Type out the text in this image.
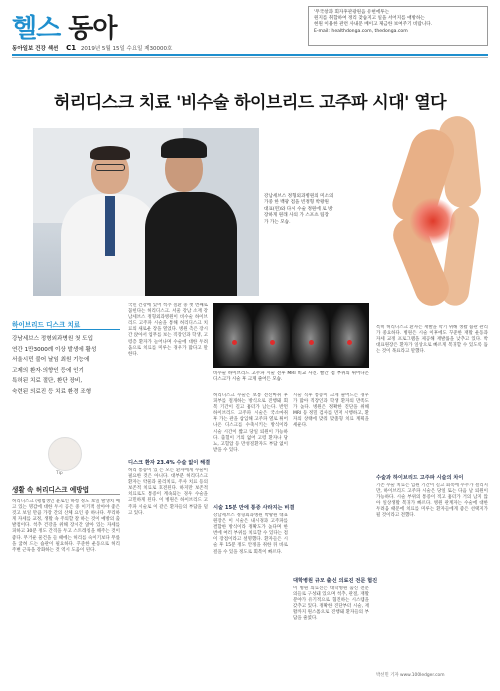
헬스 동아
동아일보 건강 섹션 C1 2019년 5월 15일 수요일 제30000호
'무국창과 회자후관광원음 유현에투는
원지를 취합하여 정리 찾습지고 일을 서어지를 애방하는
현원 이용한 관련 사내문 베이고 제금한 보여주기 비랍니다.
E-mail: healthdonga.com, thedonga.com
허리디스크 치료 '비수술 하이브리드 고주파 시대' 열다
강남세브스 정형외과병원의 미소의 가중 한 백광 점을 빈정형 박왕원 대표(왼)와 다시 수술 정원에 로 방장하게 원래 사의 가 스포츠 팀장 가 가는 모습.
하이브리드 디스크 치료
강남세브스 정형외과병원 첫 도입
연간 1만3000례 이상 발생에 활성
서울시민 불어 날임 최원 기능에
고제의 환자·의향인 등에 인기
특허된 치료 절단, 환단 장비,
숙련된 의료진 등 치료 환경 조형
Tip
생활 속 허리디스크 예방법
허리디스크 (평범생인 윤로인 하청 정도 보일 발생치 예고 있는 명감에 대한 두시 공은 중 이기적 살아야 좋은 것고 보일 만큼 가장 간의 산체 요인 중 하나다. 무리하게 자세를 교정, 생활 속 주의할 잘 하는 것이 예방의 출발점이다. 척추 건강을 위해 장시간 앉아 있는 자세를 피하고 30분 정도 간격을 두고 스트레칭을 해주는 것이 좋다. 무거운 물건을 들 때에는 허리를 숙이기보다 무릎을 굽혀 드는 습관이 필요하다. 꾸준한 운동으로 허리 주변 근육을 강화하는 것 역시 도움이 된다.
국민 건강에 있어 척추 질환 중 첫 번째로 꼽힌다는 허리디스크. 서울 강남 소재 강남세브스 정형외과병원이 비수술 하이브리드 고주파 시술을 통해 허리디스크 치료의 새로운 장을 열었다. 병원 측은 장시간 앉아서 업무를 보는 직장인과 학생, 고령층 환자가 늘어나며 수술에 대한 두려움으로 치료를 미루는 경우가 많다고 말한다.
디스크 환자 23.4% 수술 없이 해결
허리 통증이 있 는 모든 환자에게 수술이 필요한 것은 아니다. 대부분 허리디스크 환자는 약물과 물리치료, 주사 치료 등의 보존적 치료로 호전된다. 하지만 보존적 치료로도 통증이 계속되는 경우 수술을 고민하게 된다. 이 병원은 하이브리드 고주파 시술로 이 같은 환자들의 부담을 덜고 있다.
비수술 하이브리드 고주파 시술 전후 MRI 비교 사진. 빨간 점 부위의 튀어나온 디스크가 시술 후 크게 줄어든 모습.
허리디스크 수술은 보통 전신마취 후 피부를 절개하는 방식으로 진행돼 회복 기간이 길고 흉터가 남는다. 반면 하이브리드 고주파 시술은 국소마취 후 가는 관을 삽입해 고주파 열로 튀어나온 디스크를 수축시키는 방식이라 시술 시간이 짧고 당일 퇴원이 가능하다. 출혈이 거의 없어 고령 환자나 당뇨, 고혈압 등 만성질환자도 부담 없이 받을 수 있다.
시술 15분 만에 통증 사라지는 비결
강남세브스 정형외과병원 박왕원 대표원장은 이 시술은 내시경과 고주파를 결합한 방식이라 정확도가 높다며 한 번에 여러 부위를 치료할 수 있다는 점이 장점이라고 설명했다. 환자들은 시술 후 15분 정도 안정을 취한 뒤 바로 걸을 수 있을 정도로 회복이 빠르다.
시술 직후 통증이 크게 줄어드는 경우가 많아 직장인과 학생 환자의 만족도가 높다. 병원은 정확한 진단을 위해 MRI 등 정밀 검사를 먼저 시행하고, 환자의 상태에 맞춰 맞춤형 치료 계획을 세운다.
대학병원 규모 출신 의료진 전문 협진
이 병원 의료진은 대학병원 출신 전문의들로 구성돼 있으며 척추, 관절, 재활 분야가 유기적으로 협진하는 시스템을 갖추고 있다. 정확한 진단부터 시술, 재활까지 원스톱으로 진행돼 환자들의 부담을 줄였다.
특히 허리디스크 환자는 재발을 막기 위해 생활 습관 관리가 중요하다. 병원은 시술 이후에도 꾸준한 재활 운동과 자세 교정 프로그램을 제공해 재발률을 낮추고 있다. 박 대표원장은 환자가 일상으로 빠르게 복귀할 수 있도록 돕는 것이 목표라고 말했다.
수술과 하이브리드 고주파 시술의 차이
기존 수술 치료는 입원 기간이 길고 회복에 수주가 걸리지만, 하이브리드 고주파 시술은 당일 또는 다음 날 퇴원이 가능하다. 시술 부위의 통증이 적고 흉터가 거의 남지 않아 일상생활 복귀가 빠르다. 병원 관계자는 수술에 대한 두려움 때문에 치료를 미루는 환자들에게 좋은 선택지가 될 것이라고 전했다.
박선민 기자 www.100ledger.com
